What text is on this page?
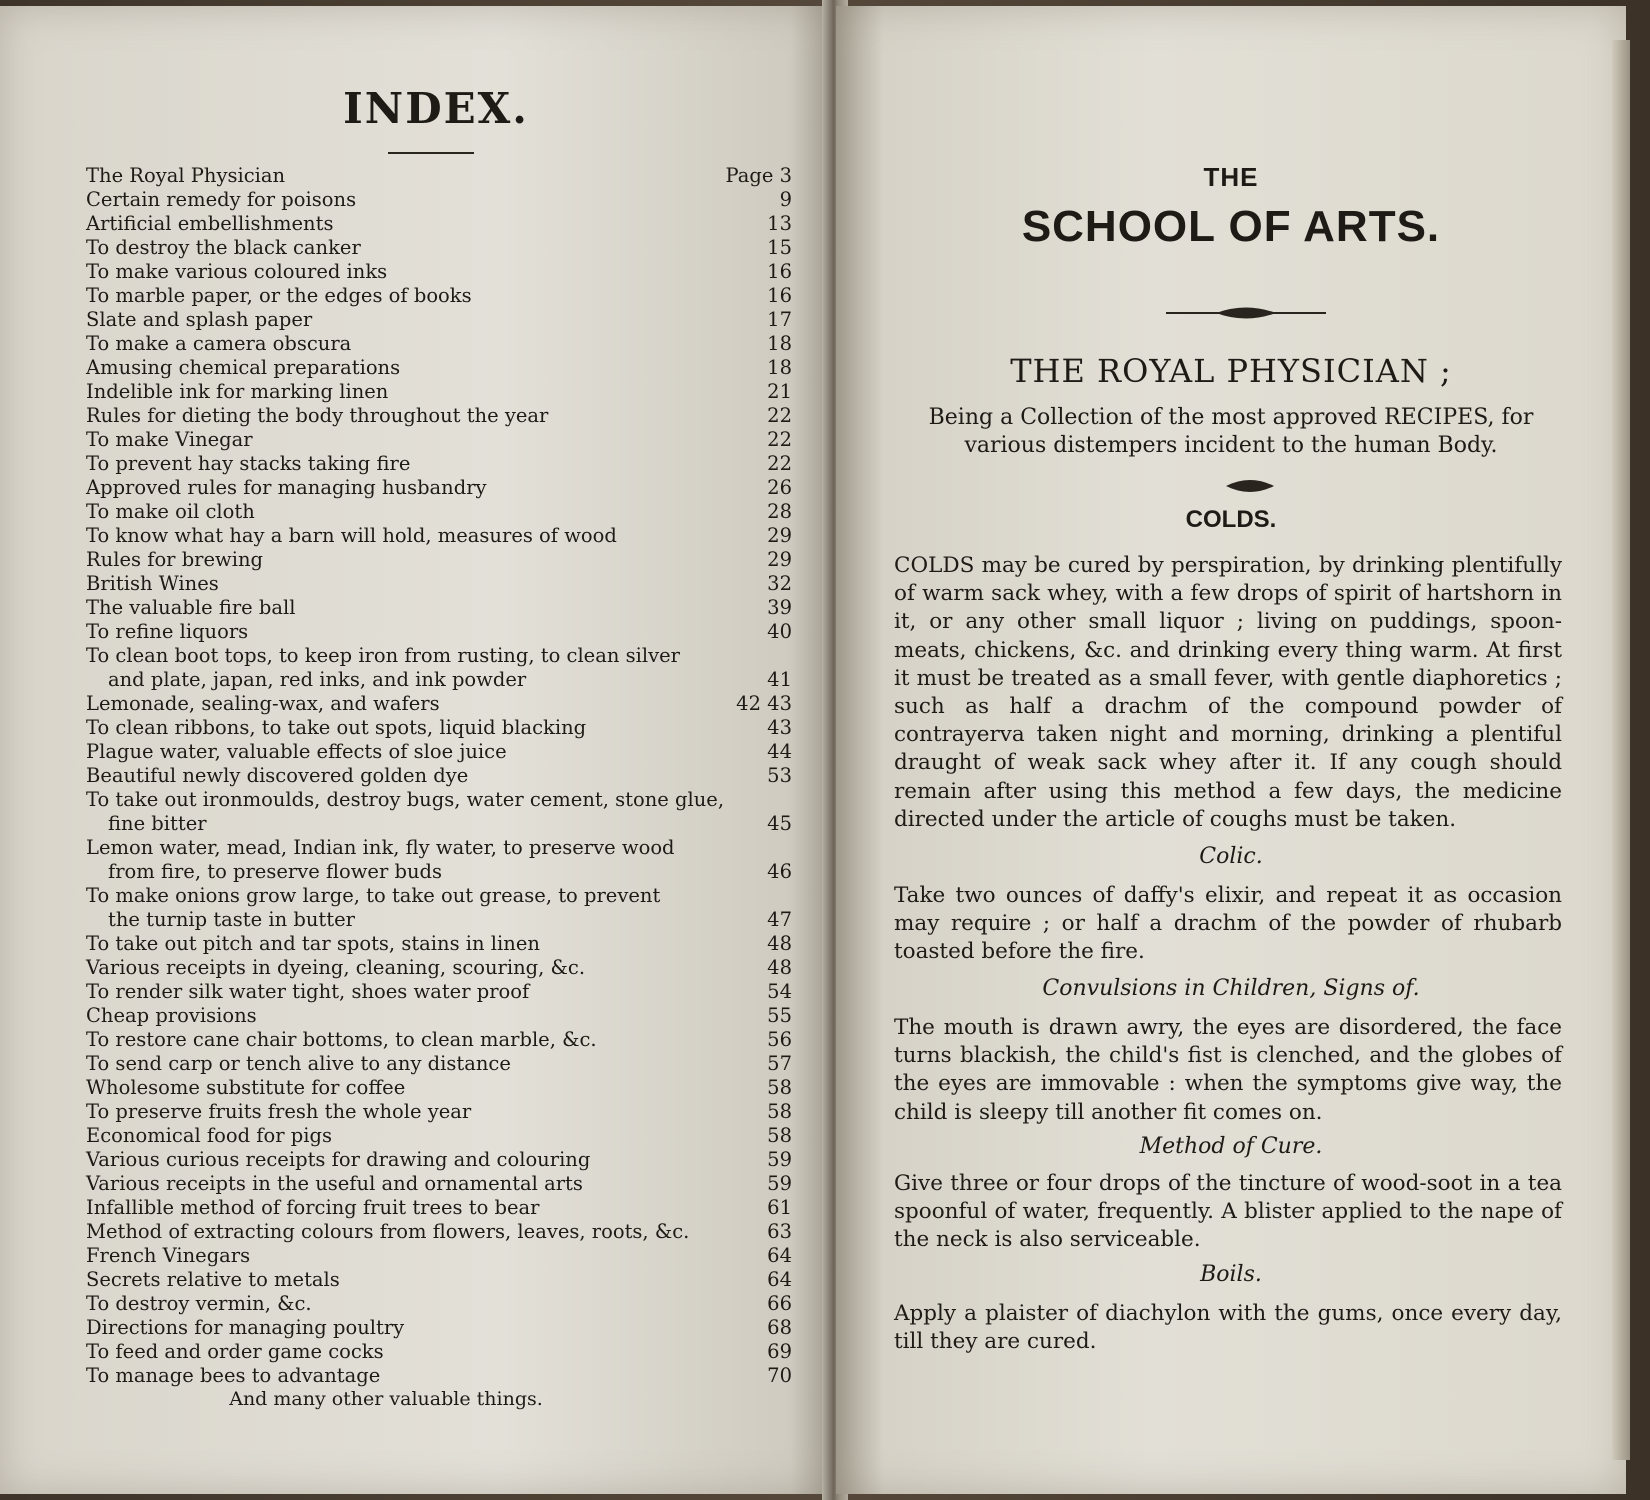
INDEX.
The Royal Physician	Page 3
Certain remedy for poisons	9
Artificial embellishments	13
To destroy the black canker	15
To make various coloured inks	16
To marble paper, or the edges of books	16
Slate and splash paper	17
To make a camera obscura	18
Amusing chemical preparations	18
Indelible ink for marking linen	21
Rules for dieting the body throughout the year	22
To make Vinegar	22
To prevent hay stacks taking fire	22
Approved rules for managing husbandry	26
To make oil cloth	28
To know what hay a barn will hold, measures of wood	29
Rules for brewing	29
British Wines	32
The valuable fire ball	39
To refine liquors	40
To clean boot tops, to keep iron from rusting, to clean silver
and plate, japan, red inks, and ink powder	41
Lemonade, sealing-wax, and wafers	42 43
To clean ribbons, to take out spots, liquid blacking	43
Plague water, valuable effects of sloe juice	44
Beautiful newly discovered golden dye	53
To take out ironmoulds, destroy bugs, water cement, stone glue,
fine bitter	45
Lemon water, mead, Indian ink, fly water, to preserve wood
from fire, to preserve flower buds	46
To make onions grow large, to take out grease, to prevent
the turnip taste in butter	47
To take out pitch and tar spots, stains in linen	48
Various receipts in dyeing, cleaning, scouring, &c.	48
To render silk water tight, shoes water proof	54
Cheap provisions	55
To restore cane chair bottoms, to clean marble, &c.	56
To send carp or tench alive to any distance	57
Wholesome substitute for coffee	58
To preserve fruits fresh the whole year	58
Economical food for pigs	58
Various curious receipts for drawing and colouring	59
Various receipts in the useful and ornamental arts	59
Infallible method of forcing fruit trees to bear	61
Method of extracting colours from flowers, leaves, roots, &c.	63
French Vinegars	64
Secrets relative to metals	64
To destroy vermin, &c.	66
Directions for managing poultry	68
To feed and order game cocks	69
To manage bees to advantage	70
And many other valuable things.
THE
SCHOOL OF ARTS.
THE ROYAL PHYSICIAN ;
Being a Collection of the most approved RECIPES, for
various distempers incident to the human Body.
COLDS.
COLDS may be cured by perspiration, by drinking plentifully of warm sack whey, with a few drops of spirit of hartshorn in it, or any other small liquor ; living on puddings, spoon-meats, chickens, &c. and drinking every thing warm. At first it must be treated as a small fever, with gentle diaphoretics ; such as half a drachm of the compound powder of contrayerva taken night and morning, drinking a plentiful draught of weak sack whey after it. If any cough should remain after using this method a few days, the medicine directed under the article of coughs must be taken.
Colic.
Take two ounces of daffy's elixir, and repeat it as occasion may require ; or half a drachm of the powder of rhubarb toasted before the fire.
Convulsions in Children, Signs of.
The mouth is drawn awry, the eyes are disordered, the face turns blackish, the child's fist is clenched, and the globes of the eyes are immovable : when the symptoms give way, the child is sleepy till another fit comes on.
Method of Cure.
Give three or four drops of the tincture of wood-soot in a tea spoonful of water, frequently. A blister applied to the nape of the neck is also serviceable.
Boils.
Apply a plaister of diachylon with the gums, once every day, till they are cured.
